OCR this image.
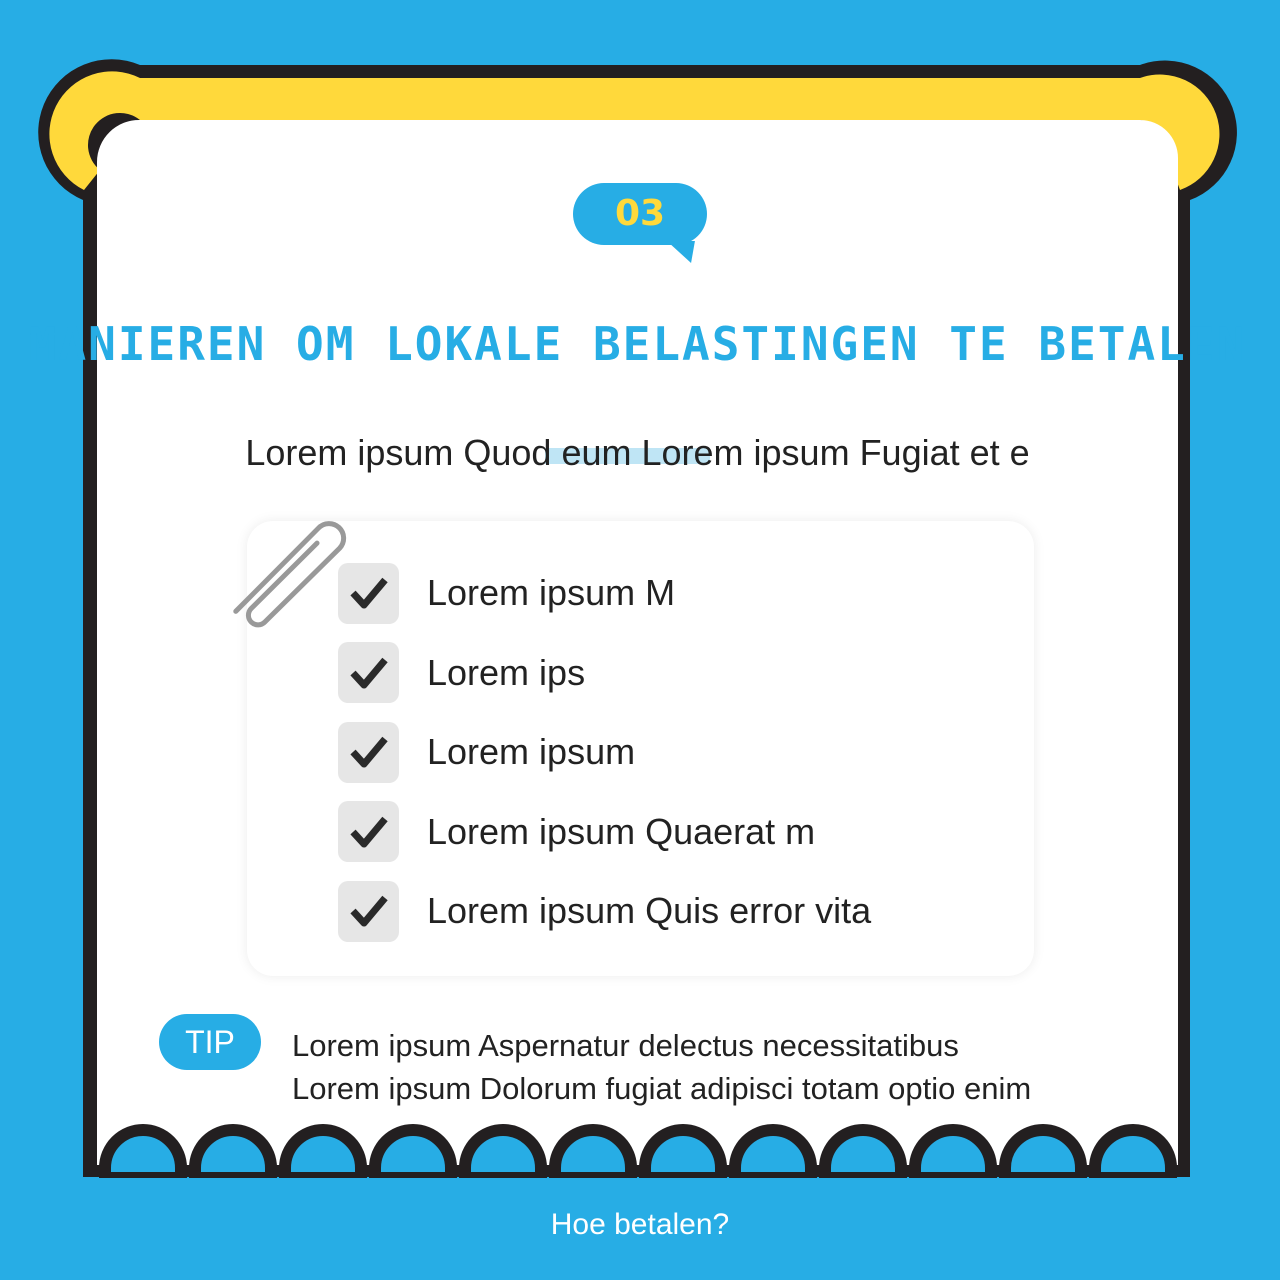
03
MANIEREN OM LOKALE BELASTINGEN TE BETALEN
Lorem ipsum Quod eum Lorem ipsum Fugiat et e
Lorem ipsum M
Lorem ips
Lorem ipsum
Lorem ipsum Quaerat m
Lorem ipsum Quis error vita
TIP	Lorem ipsum Aspernatur delectus necessitatibus
Lorem ipsum Dolorum fugiat adipisci totam optio enim
Hoe betalen?
